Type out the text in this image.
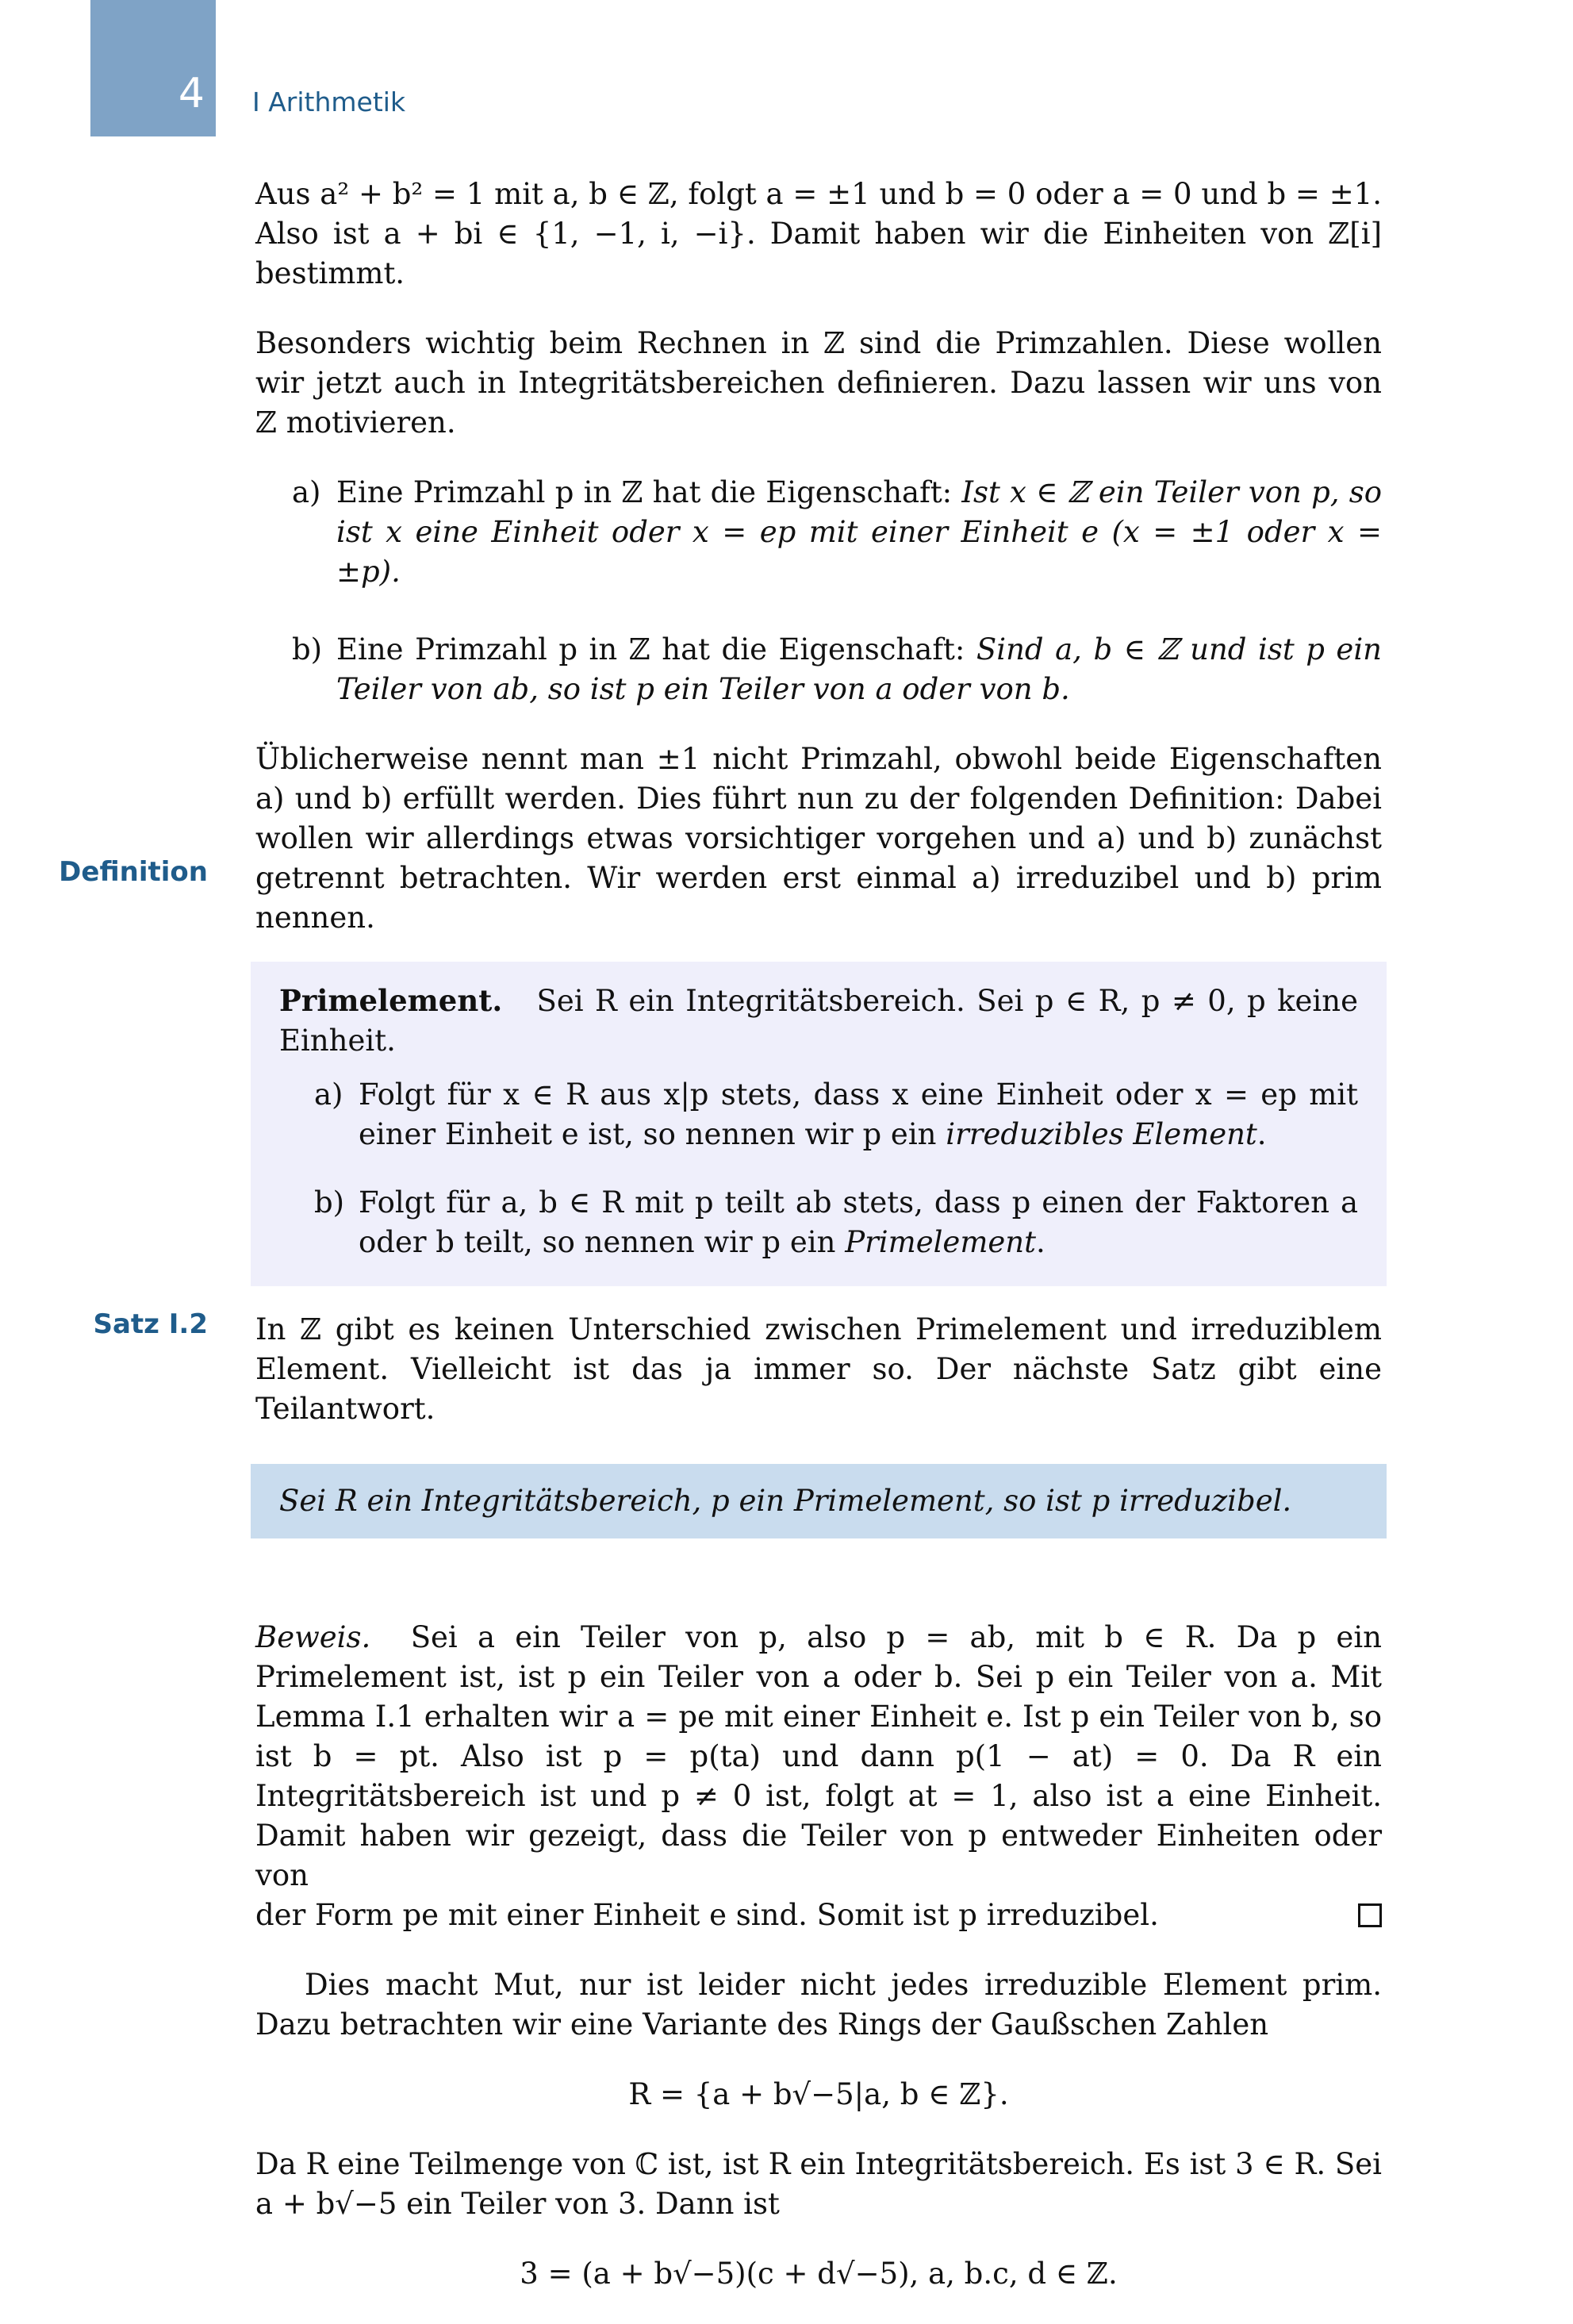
4 I Arithmetik
Definition
Satz I.2

Aus a² + b² = 1 mit a, b ∈ ℤ, folgt a = ±1 und b = 0 oder a = 0 und b = ±1. Also ist a + bi ∈ {1, −1, i, −i}. Damit haben wir die Einheiten von ℤ[i] bestimmt.

Besonders wichtig beim Rechnen in ℤ sind die Primzahlen. Diese wollen wir jetzt auch in Integritätsbereichen definieren. Dazu lassen wir uns von ℤ motivieren.

a) Eine Primzahl p in ℤ hat die Eigenschaft: Ist x ∈ ℤ ein Teiler von p, so ist x eine Einheit oder x = ep mit einer Einheit e (x = ±1 oder x = ±p).
b) Eine Primzahl p in ℤ hat die Eigenschaft: Sind a, b ∈ ℤ und ist p ein Teiler von ab, so ist p ein Teiler von a oder von b.

Üblicherweise nennt man ±1 nicht Primzahl, obwohl beide Eigenschaften a) und b) erfüllt werden. Dies führt nun zu der folgenden Definition: Dabei wollen wir allerdings etwas vorsichtiger vorgehen und a) und b) zunächst getrennt betrachten. Wir werden erst einmal a) irreduzibel und b) prim nennen.

Primelement. Sei R ein Integritätsbereich. Sei p ∈ R, p ≠ 0, p keine Einheit.

a) Folgt für x ∈ R aus x|p stets, dass x eine Einheit oder x = ep mit einer Einheit e ist, so nennen wir p ein irreduzibles Element.
b) Folgt für a, b ∈ R mit p teilt ab stets, dass p einen der Faktoren a oder b teilt, so nennen wir p ein Primelement.

In ℤ gibt es keinen Unterschied zwischen Primelement und irreduziblem Element. Vielleicht ist das ja immer so. Der nächste Satz gibt eine Teilantwort.

Sei R ein Integritätsbereich, p ein Primelement, so ist p irreduzibel.

Beweis. Sei a ein Teiler von p, also p = ab, mit b ∈ R. Da p ein Primelement ist, ist p ein Teiler von a oder b. Sei p ein Teiler von a. Mit Lemma I.1 erhalten wir a = pe mit einer Einheit e. Ist p ein Teiler von b, so ist b = pt. Also ist p = p(ta) und dann p(1 − at) = 0. Da R ein Integritätsbereich ist und p ≠ 0 ist, folgt at = 1, also ist a eine Einheit. Damit haben wir gezeigt, dass die Teiler von p entweder Einheiten oder von

der Form pe mit einer Einheit e sind. Somit ist p irreduzibel.

Dies macht Mut, nur ist leider nicht jedes irreduzible Element prim. Dazu betrachten wir eine Variante des Rings der Gaußschen Zahlen

R = {a + b√−5|a, b ∈ ℤ}.

Da R eine Teilmenge von ℂ ist, ist R ein Integritätsbereich. Es ist 3 ∈ R. Sei a + b√−5 ein Teiler von 3. Dann ist

3 = (a + b√−5)(c + d√−5), a, b.c, d ∈ ℤ.
